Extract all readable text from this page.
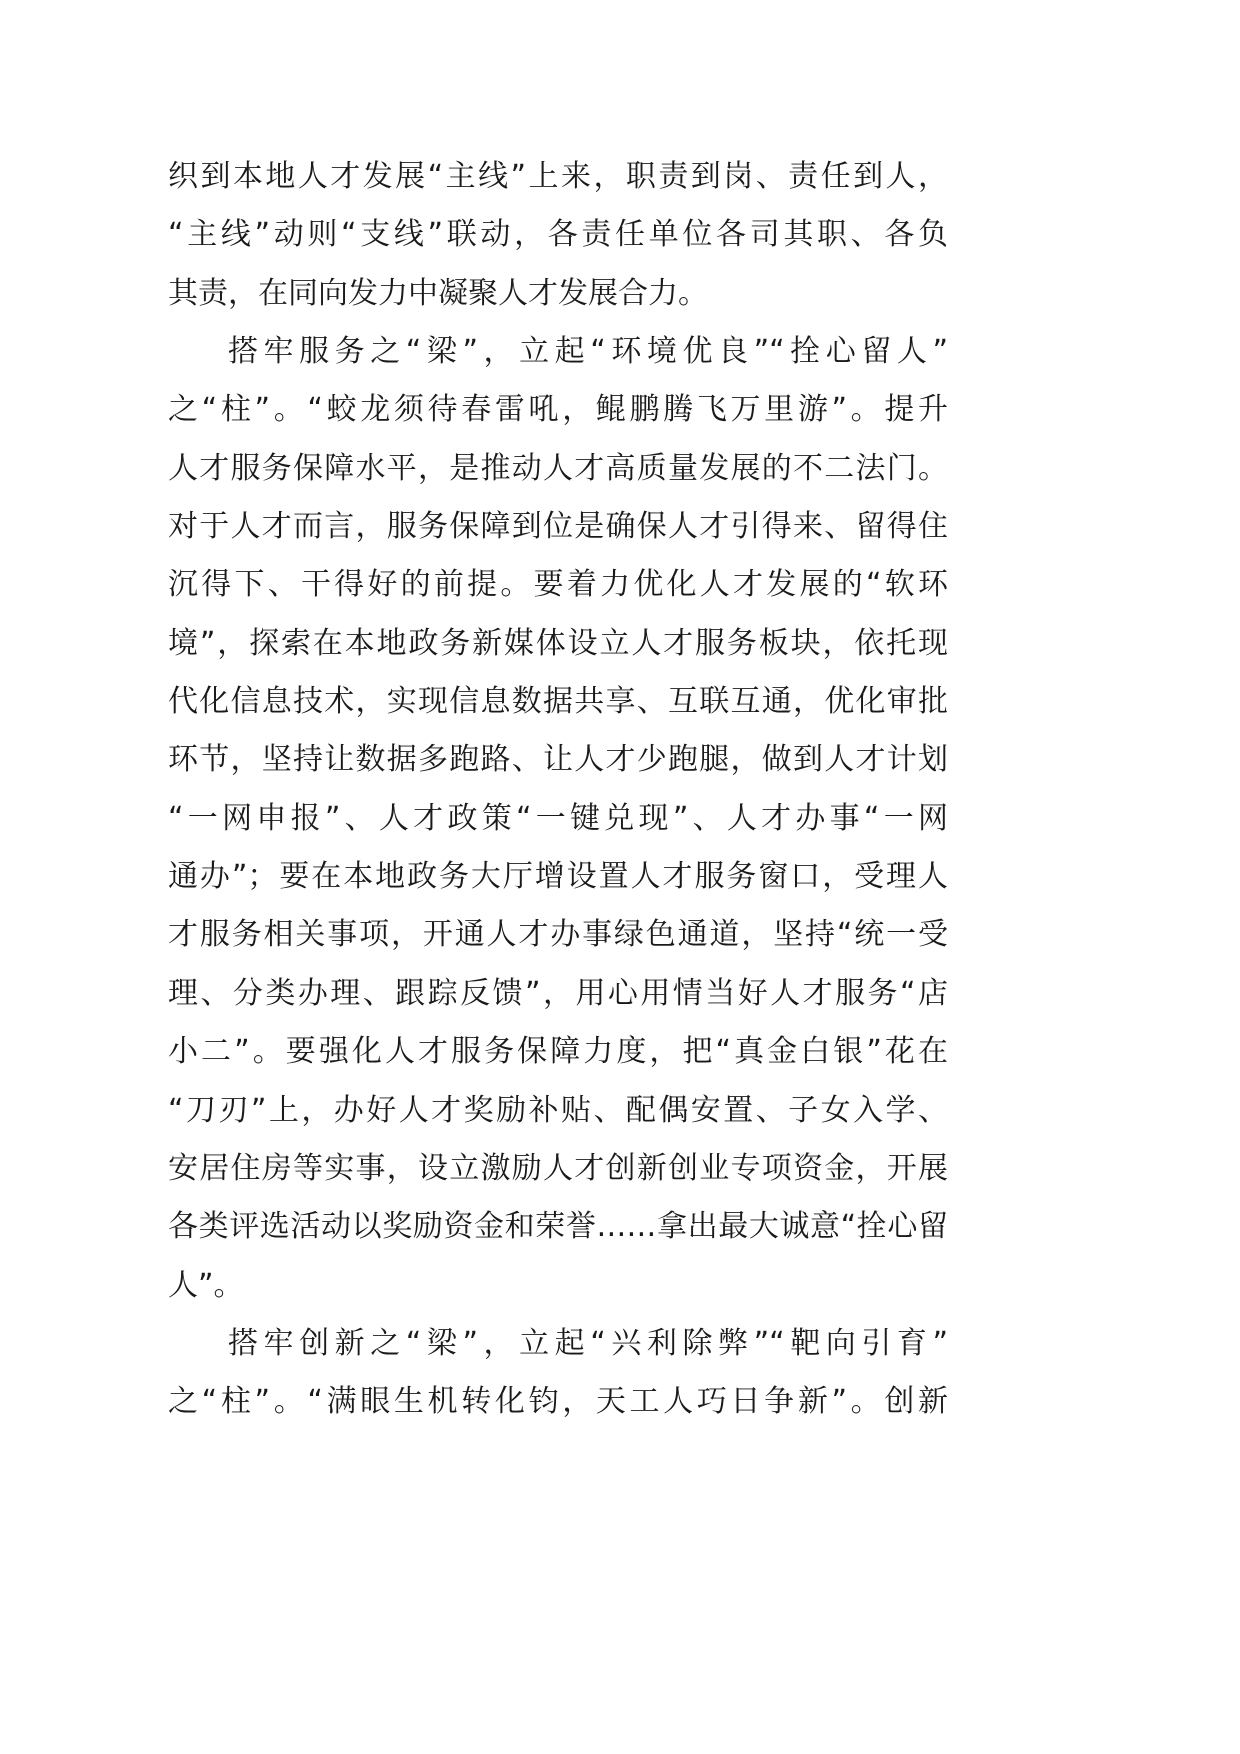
织到本地人才发展“主线”上来，职责到岗、责任到人，
“主线”动则“支线”联动，各责任单位各司其职、各负
其责，在同向发力中凝聚人才发展合力。
搭牢服务之“梁”，立起“环境优良”“拴心留人”
之“柱”。“蛟龙须待春雷吼，鲲鹏腾飞万里游”。提升
人才服务保障水平，是推动人才高质量发展的不二法门。
对于人才而言，服务保障到位是确保人才引得来、留得住
沉得下、干得好的前提。要着力优化人才发展的“软环
境”，探索在本地政务新媒体设立人才服务板块，依托现
代化信息技术，实现信息数据共享、互联互通，优化审批
环节，坚持让数据多跑路、让人才少跑腿，做到人才计划
“一网申报”、人才政策“一键兑现”、人才办事“一网
通办”；要在本地政务大厅增设置人才服务窗口，受理人
才服务相关事项，开通人才办事绿色通道，坚持“统一受
理、分类办理、跟踪反馈”，用心用情当好人才服务“店
小二”。要强化人才服务保障力度，把“真金白银”花在
“刀刃”上，办好人才奖励补贴、配偶安置、子女入学、
安居住房等实事，设立激励人才创新创业专项资金，开展
各类评选活动以奖励资金和荣誉……拿出最大诚意“拴心留
人”。
搭牢创新之“梁”，立起“兴利除弊”“靶向引育”
之“柱”。“满眼生机转化钧，天工人巧日争新”。创新
